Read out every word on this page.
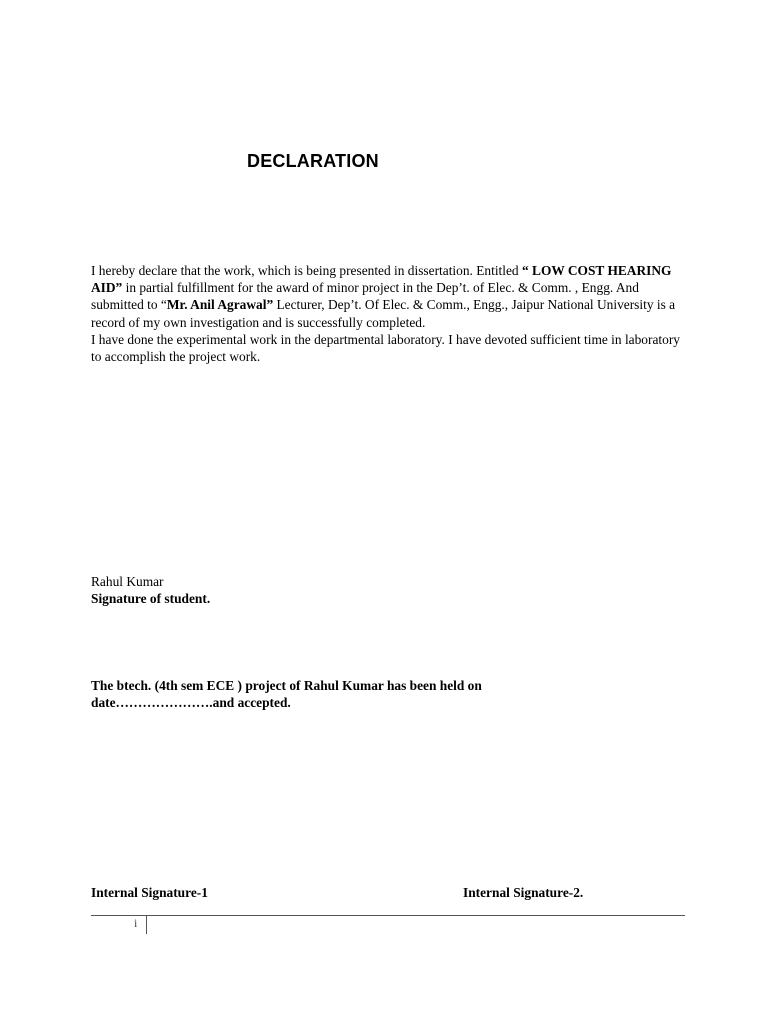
DECLARATION

I hereby declare that the work, which is being presented in dissertation. Entitled “ LOW COST HEARING AID” in partial fulfillment for the award of minor project in the Dep’t. of Elec. & Comm. , Engg. And submitted to “Mr. Anil Agrawal” Lecturer, Dep’t. Of Elec. & Comm., Engg., Jaipur National University is a record of my own investigation and is successfully completed.

I have done the experimental work in the departmental laboratory. I have devoted sufficient time in laboratory to accomplish the project work.

Rahul Kumar
Signature of student.
The btech. (4th sem ECE ) project of Rahul Kumar has been held on
date………………….and accepted.
Internal Signature-1	Internal Signature-2.
i
